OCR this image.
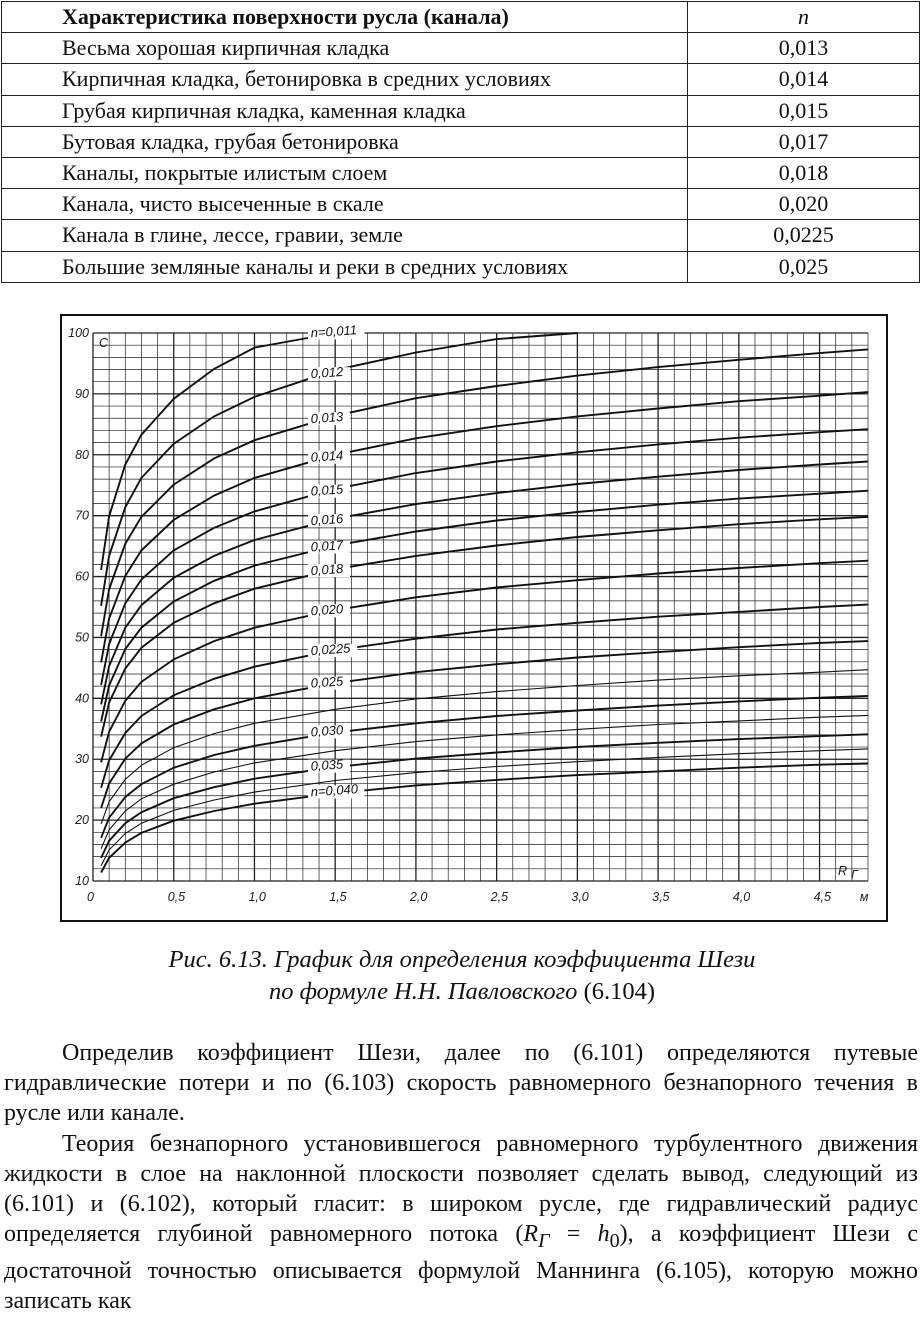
Характеристика поверхности русла (канала)	n
Весьма хорошая кирпичная кладка	0,013
Кирпичная кладка, бетонировка в средних условиях	0,014
Грубая кирпичная кладка, каменная кладка	0,015
Бутовая кладка, грубая бетонировка	0,017
Каналы, покрытые илистым слоем	0,018
Канала, чисто высеченные в скале	0,020
Канала в глине, лессе, гравии, земле	0,0225
Большие земляные каналы и реки в средних условиях	0,025
n=0,011
0,012
0,013
0,014
0,015
0,016
0,017
0,018
0,020
0,0225
0,025
0,030
0,035
n=0,040
0	0,5	1,0	1,5	2,0	2,5	3,0	3,5	4,0	4,5
10
20
30
40
50
60
70
80
90
100
C
R Г
м
Рис. 6.13. График для определения коэффициента Шези
по формуле Н.Н. Павловского (6.104)

Определив коэффициент Шези, далее по (6.101) определяются путевые гидравлические потери и по (6.103) скорость равномерного безнапорного течения в русле или канале.

Теория безнапорного установившегося равномерного турбулентного движения жидкости в слое на наклонной плоскости позволяет сделать вывод, следующий из (6.101) и (6.102), который гласит: в широком русле, где гидравлический радиус определяется глубиной равномерного потока $(R_Г = h_0)$, а коэффициент Шези с достаточной точностью описывается формулой Маннинга (6.105), которую можно записать как
